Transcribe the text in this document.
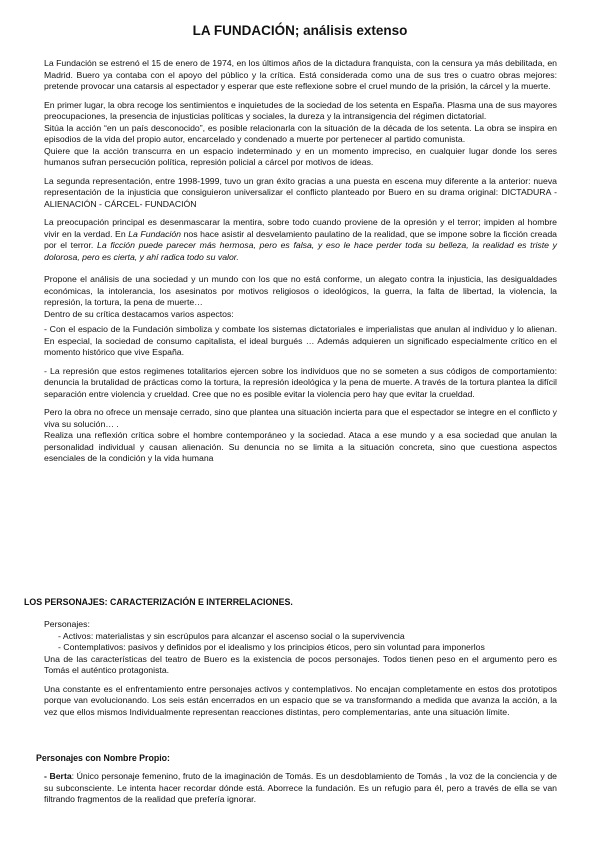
LA FUNDACIÓN; análisis extenso

La Fundación se estrenó el 15 de enero de 1974, en los últimos años de la dictadura franquista, con la censura ya más debilitada, en Madrid. Buero ya contaba con el apoyo del público y la crítica. Está considerada como una de sus tres o cuatro obras mejores: pretende provocar una catarsis al espectador y esperar que este reflexione sobre el cruel mundo de la prisión, la cárcel y la muerte.

En primer lugar, la obra recoge los sentimientos e inquietudes de la sociedad de los setenta en España. Plasma una de sus mayores preocupaciones, la presencia de injusticias políticas y sociales, la dureza y la intransigencia del régimen dictatorial.

Sitúa la acción “en un país desconocido”, es posible relacionarla con la situación de la década de los setenta. La obra se inspira en episodios de la vida del propio autor, encarcelado y condenado a muerte por pertenecer al partido comunista.

Quiere que la acción transcurra en un espacio indeterminado y en un momento impreciso, en cualquier lugar donde los seres humanos sufran persecución política, represión policial a cárcel por motivos de ideas.

La segunda representación, entre 1998-1999, tuvo un gran éxito gracias a una puesta en escena muy diferente a la anterior: nueva representación de la injusticia que consiguieron universalizar el conflicto planteado por Buero en su drama original: DICTADURA - ALIENACIÓN - CÁRCEL- FUNDACIÓN

La preocupación principal es desenmascarar la mentira, sobre todo cuando proviene de la opresión y el terror; impiden al hombre vivir en la verdad. En La Fundación nos hace asistir al desvelamiento paulatino de la realidad, que se impone sobre la ficción creada por el terror. La ficción puede parecer más hermosa, pero es falsa, y eso le hace perder toda su belleza, la realidad es triste y dolorosa, pero es cierta, y ahí radica todo su valor.

Propone el análisis de una sociedad y un mundo con los que no está conforme, un alegato contra la injusticia, las desigualdades económicas, la intolerancia, los asesinatos por motivos religiosos o ideológicos, la guerra, la falta de libertad, la violencia, la represión, la tortura, la pena de muerte…

Dentro de su crítica destacamos varios aspectos:

- Con el espacio de la Fundación simboliza y combate los sistemas dictatoriales e imperialistas que anulan al individuo y lo alienan. En especial, la sociedad de consumo capitalista, el ideal burgués … Además adquieren un significado especialmente crítico en el momento histórico que vive España.

- La represión que estos regimenes totalitarios ejercen sobre los individuos que no se someten a sus códigos de comportamiento: denuncia la brutalidad de prácticas como la tortura, la represión ideológica y la pena de muerte. A través de la tortura plantea la difícil separación entre violencia y crueldad. Cree que no es posible evitar la violencia pero hay que evitar la crueldad.

Pero la obra no ofrece un mensaje cerrado, sino que plantea una situación incierta para que el espectador se integre en el conflicto y viva su solución… .

Realiza una reflexión crítica sobre el hombre contemporáneo y la sociedad. Ataca a ese mundo y a esa sociedad que anulan la personalidad individual y causan alienación. Su denuncia no se limita a la situación concreta, sino que cuestiona aspectos esenciales de la condición y la vida humana

LOS PERSONAJES: CARACTERIZACIÓN E INTERRELACIONES.

Personajes:

- Activos: materialistas y sin escrúpulos para alcanzar el ascenso social o la supervivencia

- Contemplativos: pasivos y definidos por el idealismo y los principios éticos, pero sin voluntad para imponerlos

Una de las características del teatro de Buero es la existencia de pocos personajes. Todos tienen peso en el argumento pero es Tomás el auténtico protagonista.

Una constante es el enfrentamiento entre personajes activos y contemplativos. No encajan completamente en estos dos prototipos porque van evolucionando. Los seis están encerrados en un espacio que se va transformando a medida que avanza la acción, a la vez que ellos mismos Individualmente representan reacciones distintas, pero complementarias, ante una situación límite.

Personajes con Nombre Propio:

- Berta: Único personaje femenino, fruto de la imaginación de Tomás. Es un desdoblamiento de Tomás , la voz de la conciencia y de su subconsciente. Le intenta hacer recordar dónde está. Aborrece la fundación. Es un refugio para él, pero a través de ella se van filtrando fragmentos de la realidad que prefería ignorar.
